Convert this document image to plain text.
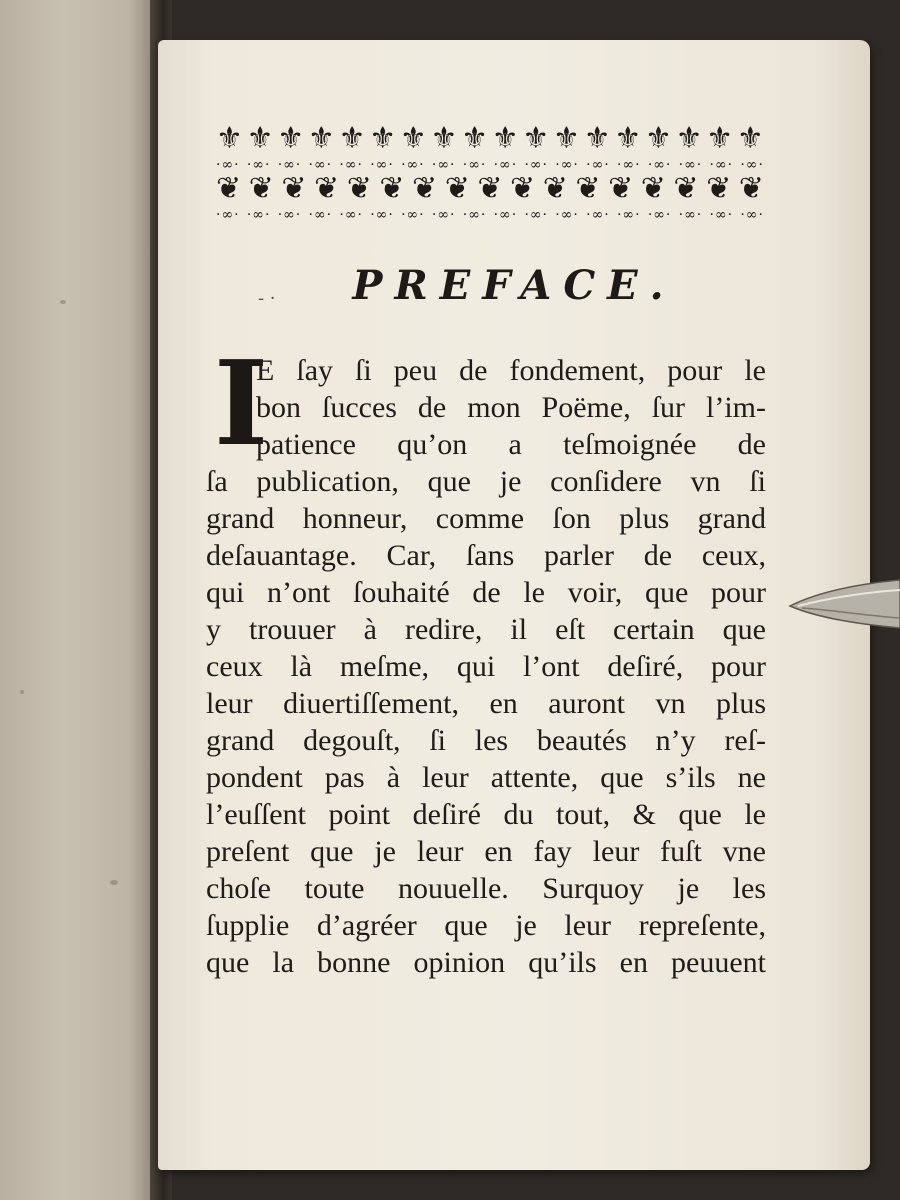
⚜ ⚜ ⚜ ⚜ ⚜ ⚜ ⚜ ⚜ ⚜ ⚜ ⚜ ⚜ ⚜ ⚜ ⚜ ⚜ ⚜ ⚜
·∞· ·∞· ·∞· ·∞· ·∞· ·∞· ·∞· ·∞· ·∞· ·∞· ·∞· ·∞· ·∞· ·∞· ·∞· ·∞· ·∞· ·∞·
❦ ❦ ❦ ❦ ❦ ❦ ❦ ❦ ❦ ❦ ❦ ❦ ❦ ❦ ❦ ❦ ❦
·∞· ·∞· ·∞· ·∞· ·∞· ·∞· ·∞· ·∞· ·∞· ·∞· ·∞· ·∞· ·∞· ·∞· ·∞· ·∞· ·∞· ·∞·
- ·	PREFACE.
I
E ſay ſi peu de fondement, pour le
bon ſucces de mon Poëme, ſur l’im-
patience qu’on a teſmoignée de
ſa publication, que je conſidere vn ſi
grand honneur, comme ſon plus grand
deſauantage. Car, ſans parler de ceux,
qui n’ont ſouhaité de le voir, que pour
y trouuer à redire, il eſt certain que
ceux là meſme, qui l’ont deſiré, pour
leur diuertiſſement, en auront vn plus
grand degouſt, ſi les beautés n’y reſ-
pondent pas à leur attente, que s’ils ne
l’euſſent point deſiré du tout, & que le
preſent que je leur en fay leur fuſt vne
choſe toute nouuelle. Surquoy je les
ſupplie d’agréer que je leur repreſente,
que la bonne opinion qu’ils en peuuent
